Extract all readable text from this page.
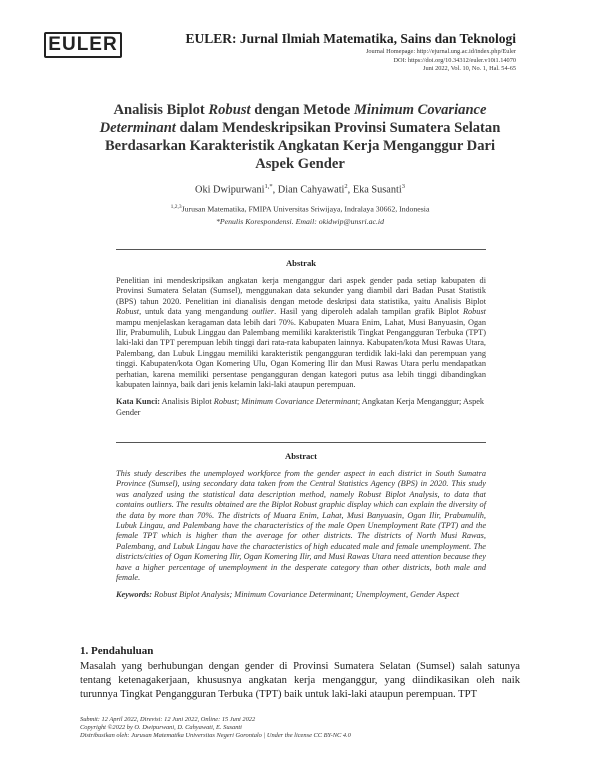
EULER	EULER: Jurnal Ilmiah Matematika, Sains dan Teknologi
Journal Homepage: http://ejurnal.ung.ac.id/index.php/Euler
DOI: https://doi.org/10.34312/euler.v10i1.14070
Juni 2022, Vol. 10, No. 1, Hal. 54-65
Analisis Biplot Robust dengan Metode Minimum Covariance
Determinant dalam Mendeskripsikan Provinsi Sumatera Selatan
Berdasarkan Karakteristik Angkatan Kerja Menganggur Dari
Aspek Gender
Oki Dwipurwani$^{1,*}$, Dian Cahyawati$^2$, Eka Susanti$^3$
$^{1,2,3}$Jurusan Matematika, FMIPA Universitas Sriwijaya, Indralaya 30662, Indonesia
*Penulis Korespondensi. Email: okidwip@unsri.ac.id
Abstrak

Penelitian ini mendeskripsikan angkatan kerja menganggur dari aspek gender pada setiap kabupaten di Provinsi Sumatera Selatan (Sumsel), menggunakan data sekunder yang diambil dari Badan Pusat Statistik (BPS) tahun 2020. Penelitian ini dianalisis dengan metode deskripsi data statistika, yaitu Analisis Biplot Robust, untuk data yang mengandung outlier. Hasil yang diperoleh adalah tampilan grafik Biplot Robust mampu menjelaskan keragaman data lebih dari 70%. Kabupaten Muara Enim, Lahat, Musi Banyuasin, Ogan Ilir, Prabumulih, Lubuk Linggau dan Palembang memiliki karakteristik Tingkat Pengangguran Terbuka (TPT) laki-laki dan TPT perempuan lebih tinggi dari rata-rata kabupaten lainnya. Kabupaten/kota Musi Rawas Utara, Palembang, dan Lubuk Linggau memiliki karakteristik pengangguran terdidik laki-laki dan perempuan yang tinggi. Kabupaten/kota Ogan Komering Ulu, Ogan Komering Ilir dan Musi Rawas Utara perlu mendapatkan perhatian, karena memiliki persentase pengangguran dengan kategori putus asa lebih tinggi dibandingkan kabupaten lainnya, baik dari jenis kelamin laki-laki ataupun perempuan.

Kata Kunci: Analisis Biplot Robust; Minimum Covariance Determinant; Angkatan Kerja Menganggur; Aspek Gender
Abstract

This study describes the unemployed workforce from the gender aspect in each district in South Sumatra Province (Sumsel), using secondary data taken from the Central Statistics Agency (BPS) in 2020. This study was analyzed using the statistical data description method, namely Robust Biplot Analysis, to data that contains outliers. The results obtained are the Biplot Robust graphic display which can explain the diversity of the data by more than 70%. The districts of Muara Enim, Lahat, Musi Banyuasin, Ogan Ilir, Prabumulih, Lubuk Lingau, and Palembang have the characteristics of the male Open Unemployment Rate (TPT) and the female TPT which is higher than the average for other districts. The districts of North Musi Rawas, Palembang, and Lubuk Lingau have the characteristics of high educated male and female unemployment. The districts/cities of Ogan Komering Ilir, Ogan Komering Ilir, and Musi Rawas Utara need attention because they have a higher percentage of unemployment in the desperate category than other districts, both male and female.

Keywords: Robust Biplot Analysis; Minimum Covariance Determinant; Unemployment, Gender Aspect
1. Pendahuluan

Masalah yang berhubungan dengan gender di Provinsi Sumatera Selatan (Sumsel) salah satunya tentang ketenagakerjaan, khususnya angkatan kerja menganggur, yang diindikasikan oleh naik turunnya Tingkat Pengangguran Terbuka (TPT) baik untuk laki-laki ataupun perempuan. TPT

Submit: 12 April 2022, Direvisi: 12 Juni 2022, Online: 15 Juni 2022
Copyright ©2022 by O. Dwipurwani, D. Cahyawati, E. Susanti
Distribusikan oleh: Jurusan Matematika Universitas Negeri Gorontalo | Under the license CC BY-NC 4.0
